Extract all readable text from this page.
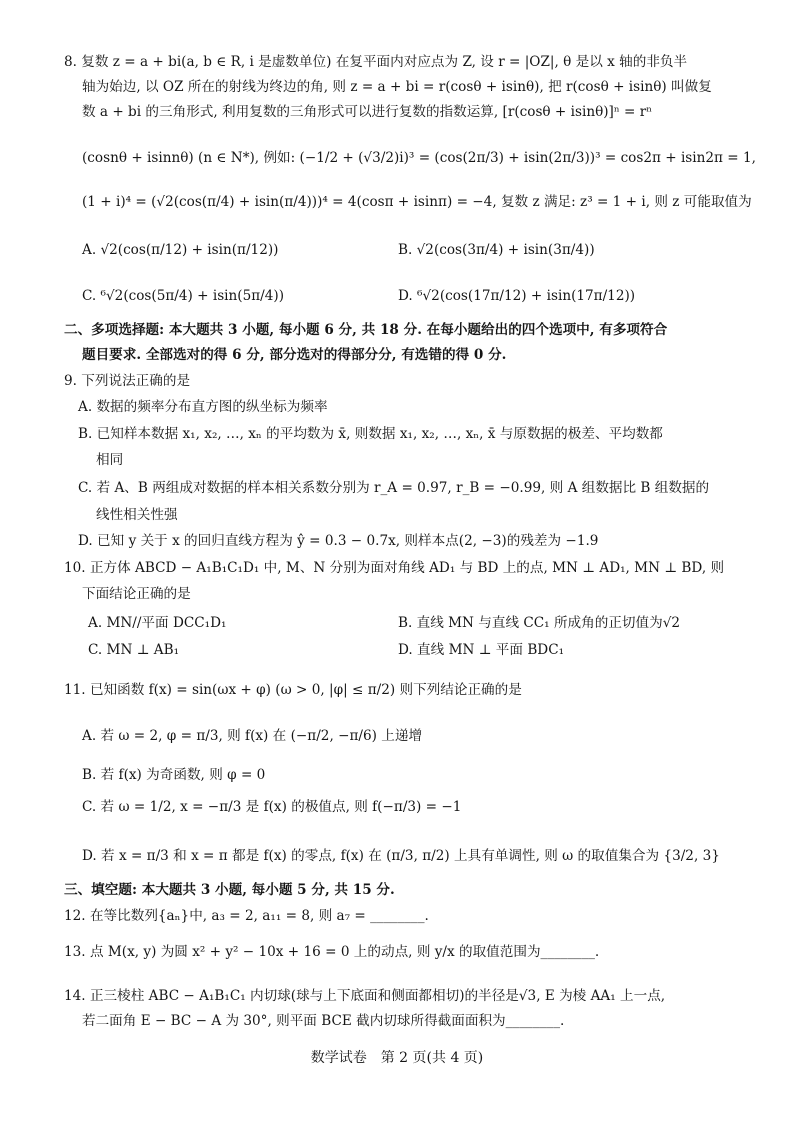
8. 复数 z = a + bi(a, b ∈ R, i 是虚数单位) 在复平面内对应点为 Z, 设 r = |OZ|, θ 是以 x 轴的非负半
轴为始边, 以 OZ 所在的射线为终边的角, 则 z = a + bi = r(cosθ + isinθ), 把 r(cosθ + isinθ) 叫做复
数 a + bi 的三角形式, 利用复数的三角形式可以进行复数的指数运算, [r(cosθ + isinθ)]ⁿ = rⁿ
(cosnθ + isinnθ) (n ∈ N*), 例如: (−1/2 + (√3/2)i)³ = (cos(2π/3) + isin(2π/3))³ = cos2π + isin2π = 1,
(1 + i)⁴ = (√2(cos(π/4) + isin(π/4)))⁴ = 4(cosπ + isinπ) = −4, 复数 z 满足: z³ = 1 + i, 则 z 可能取值为
A. √2(cos(π/12) + isin(π/12))	B. √2(cos(3π/4) + isin(3π/4))
C. ⁶√2(cos(5π/4) + isin(5π/4))	D. ⁶√2(cos(17π/12) + isin(17π/12))
二、多项选择题: 本大题共 3 小题, 每小题 6 分, 共 18 分. 在每小题给出的四个选项中, 有多项符合
题目要求. 全部选对的得 6 分, 部分选对的得部分分, 有选错的得 0 分.
9. 下列说法正确的是
A. 数据的频率分布直方图的纵坐标为频率
B. 已知样本数据 x₁, x₂, …, xₙ 的平均数为 x̄, 则数据 x₁, x₂, …, xₙ, x̄ 与原数据的极差、平均数都
相同
C. 若 A、B 两组成对数据的样本相关系数分别为 r_A = 0.97, r_B = −0.99, 则 A 组数据比 B 组数据的
线性相关性强
D. 已知 y 关于 x 的回归直线方程为 ŷ = 0.3 − 0.7x, 则样本点(2, −3)的残差为 −1.9
10. 正方体 ABCD − A₁B₁C₁D₁ 中, M、N 分别为面对角线 AD₁ 与 BD 上的点, MN ⊥ AD₁, MN ⊥ BD, 则
下面结论正确的是
A. MN//平面 DCC₁D₁	B. 直线 MN 与直线 CC₁ 所成角的正切值为√2
C. MN ⊥ AB₁	D. 直线 MN ⊥ 平面 BDC₁
11. 已知函数 f(x) = sin(ωx + φ) (ω > 0, |φ| ≤ π/2) 则下列结论正确的是
A. 若 ω = 2, φ = π/3, 则 f(x) 在 (−π/2, −π/6) 上递增
B. 若 f(x) 为奇函数, 则 φ = 0
C. 若 ω = 1/2, x = −π/3 是 f(x) 的极值点, 则 f(−π/3) = −1
D. 若 x = π/3 和 x = π 都是 f(x) 的零点, f(x) 在 (π/3, π/2) 上具有单调性, 则 ω 的取值集合为 {3/2, 3}
三、填空题: 本大题共 3 小题, 每小题 5 分, 共 15 分.
12. 在等比数列{aₙ}中, a₃ = 2, a₁₁ = 8, 则 a₇ = ________.
13. 点 M(x, y) 为圆 x² + y² − 10x + 16 = 0 上的动点, 则 y/x 的取值范围为________.
14. 正三棱柱 ABC − A₁B₁C₁ 内切球(球与上下底面和侧面都相切)的半径是√3, E 为棱 AA₁ 上一点,
若二面角 E − BC − A 为 30°, 则平面 BCE 截内切球所得截面面积为________.
数学试卷　第 2 页(共 4 页)
